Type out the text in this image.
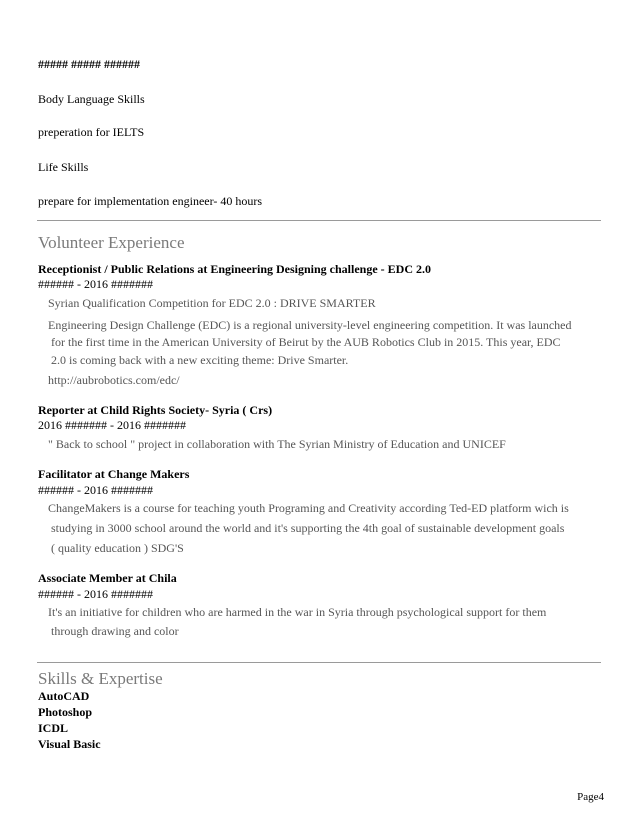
##### ##### ######
Body Language Skills
preperation for IELTS
Life Skills
prepare for implementation engineer- 40 hours
Volunteer Experience
Receptionist / Public Relations at Engineering Designing challenge - EDC 2.0
###### - 2016 #######
Syrian Qualification Competition for EDC 2.0 : DRIVE SMARTER
Engineering Design Challenge (EDC) is a regional university-level engineering competition. It was launched
for the first time in the American University of Beirut by the AUB Robotics Club in 2015. This year, EDC
2.0 is coming back with a new exciting theme: Drive Smarter.
http://aubrobotics.com/edc/
Reporter at Child Rights Society- Syria ( Crs)
2016 ####### - 2016 #######
" Back to school " project in collaboration with The Syrian Ministry of Education and UNICEF
Facilitator at Change Makers
###### - 2016 #######
ChangeMakers is a course for teaching youth Programing and Creativity according Ted-ED platform wich is
studying in 3000 school around the world and it's supporting the 4th goal of sustainable development goals
( quality education ) SDG'S
Associate Member at Chila
###### - 2016 #######
It's an initiative for children who are harmed in the war in Syria through psychological support for them
through drawing and color
Skills & Expertise
AutoCAD
Photoshop
ICDL
Visual Basic
Page4
